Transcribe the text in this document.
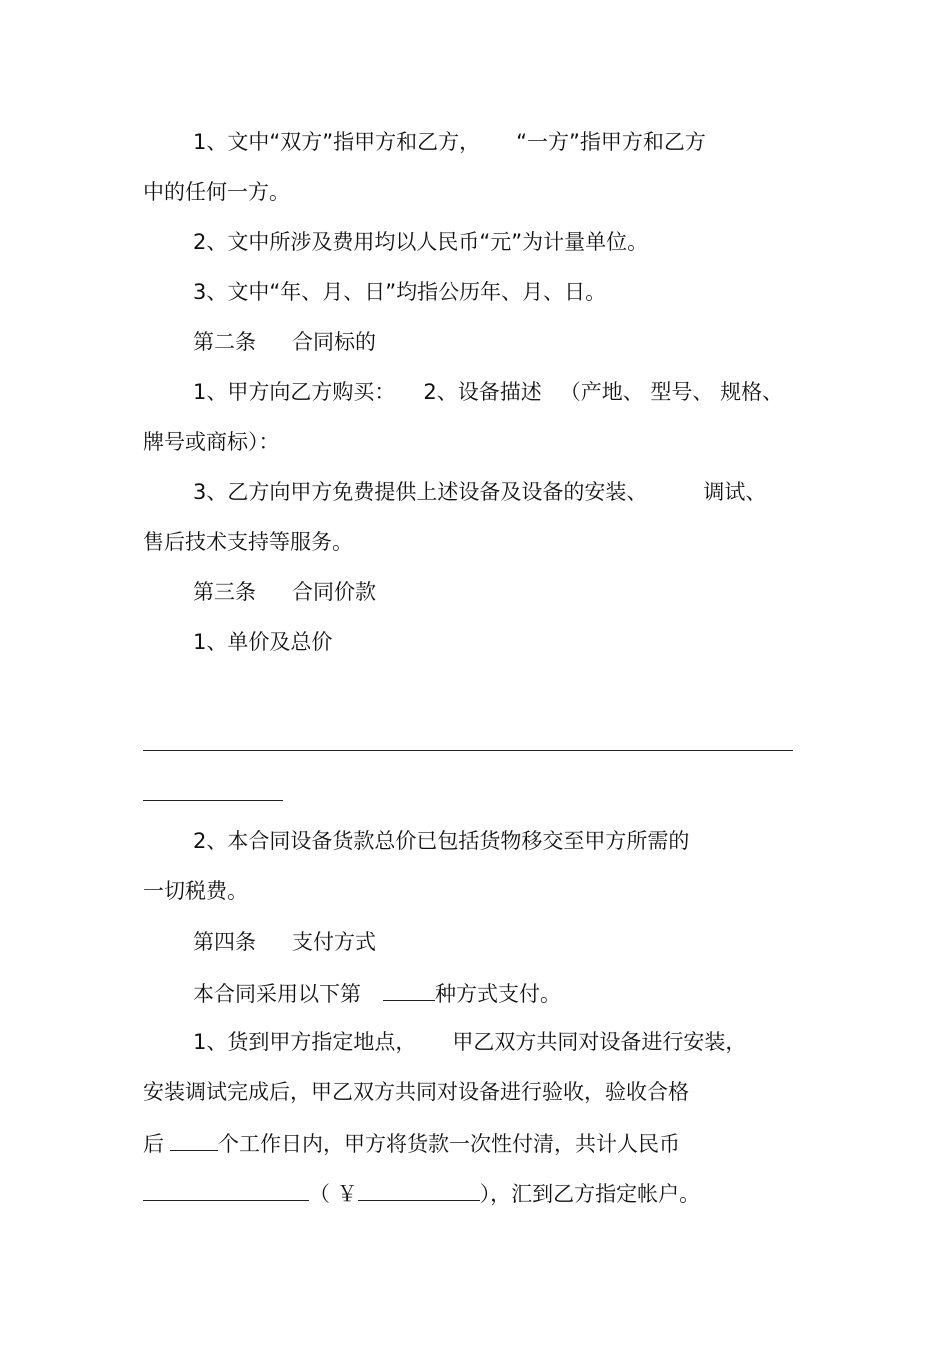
1、文中“双方”指甲方和乙方， “一方”指甲方和乙方
中的任何一方。
2、文中所涉及费用均以人民币“元”为计量单位。
3、文中“年、月、日”均指公历年、月、日。
第二条 合同标的
1、甲方向乙方购买： 2、设备描述 （产地、 型号、 规格、
牌号或商标）：
3、乙方向甲方免费提供上述设备及设备的安装、	调试、
售后技术支持等服务。
第三条 合同价款
1、单价及总价
2、本合同设备货款总价已包括货物移交至甲方所需的
一切税费。
第四条 支付方式
本合同采用以下第	种方式支付。
1、货到甲方指定地点， 甲乙双方共同对设备进行安装，
安装调试完成后，甲乙双方共同对设备进行验收，验收合格
后	个工作日内，甲方将货款一次性付清，共计人民币
（ ￥	），汇到乙方指定帐户。
